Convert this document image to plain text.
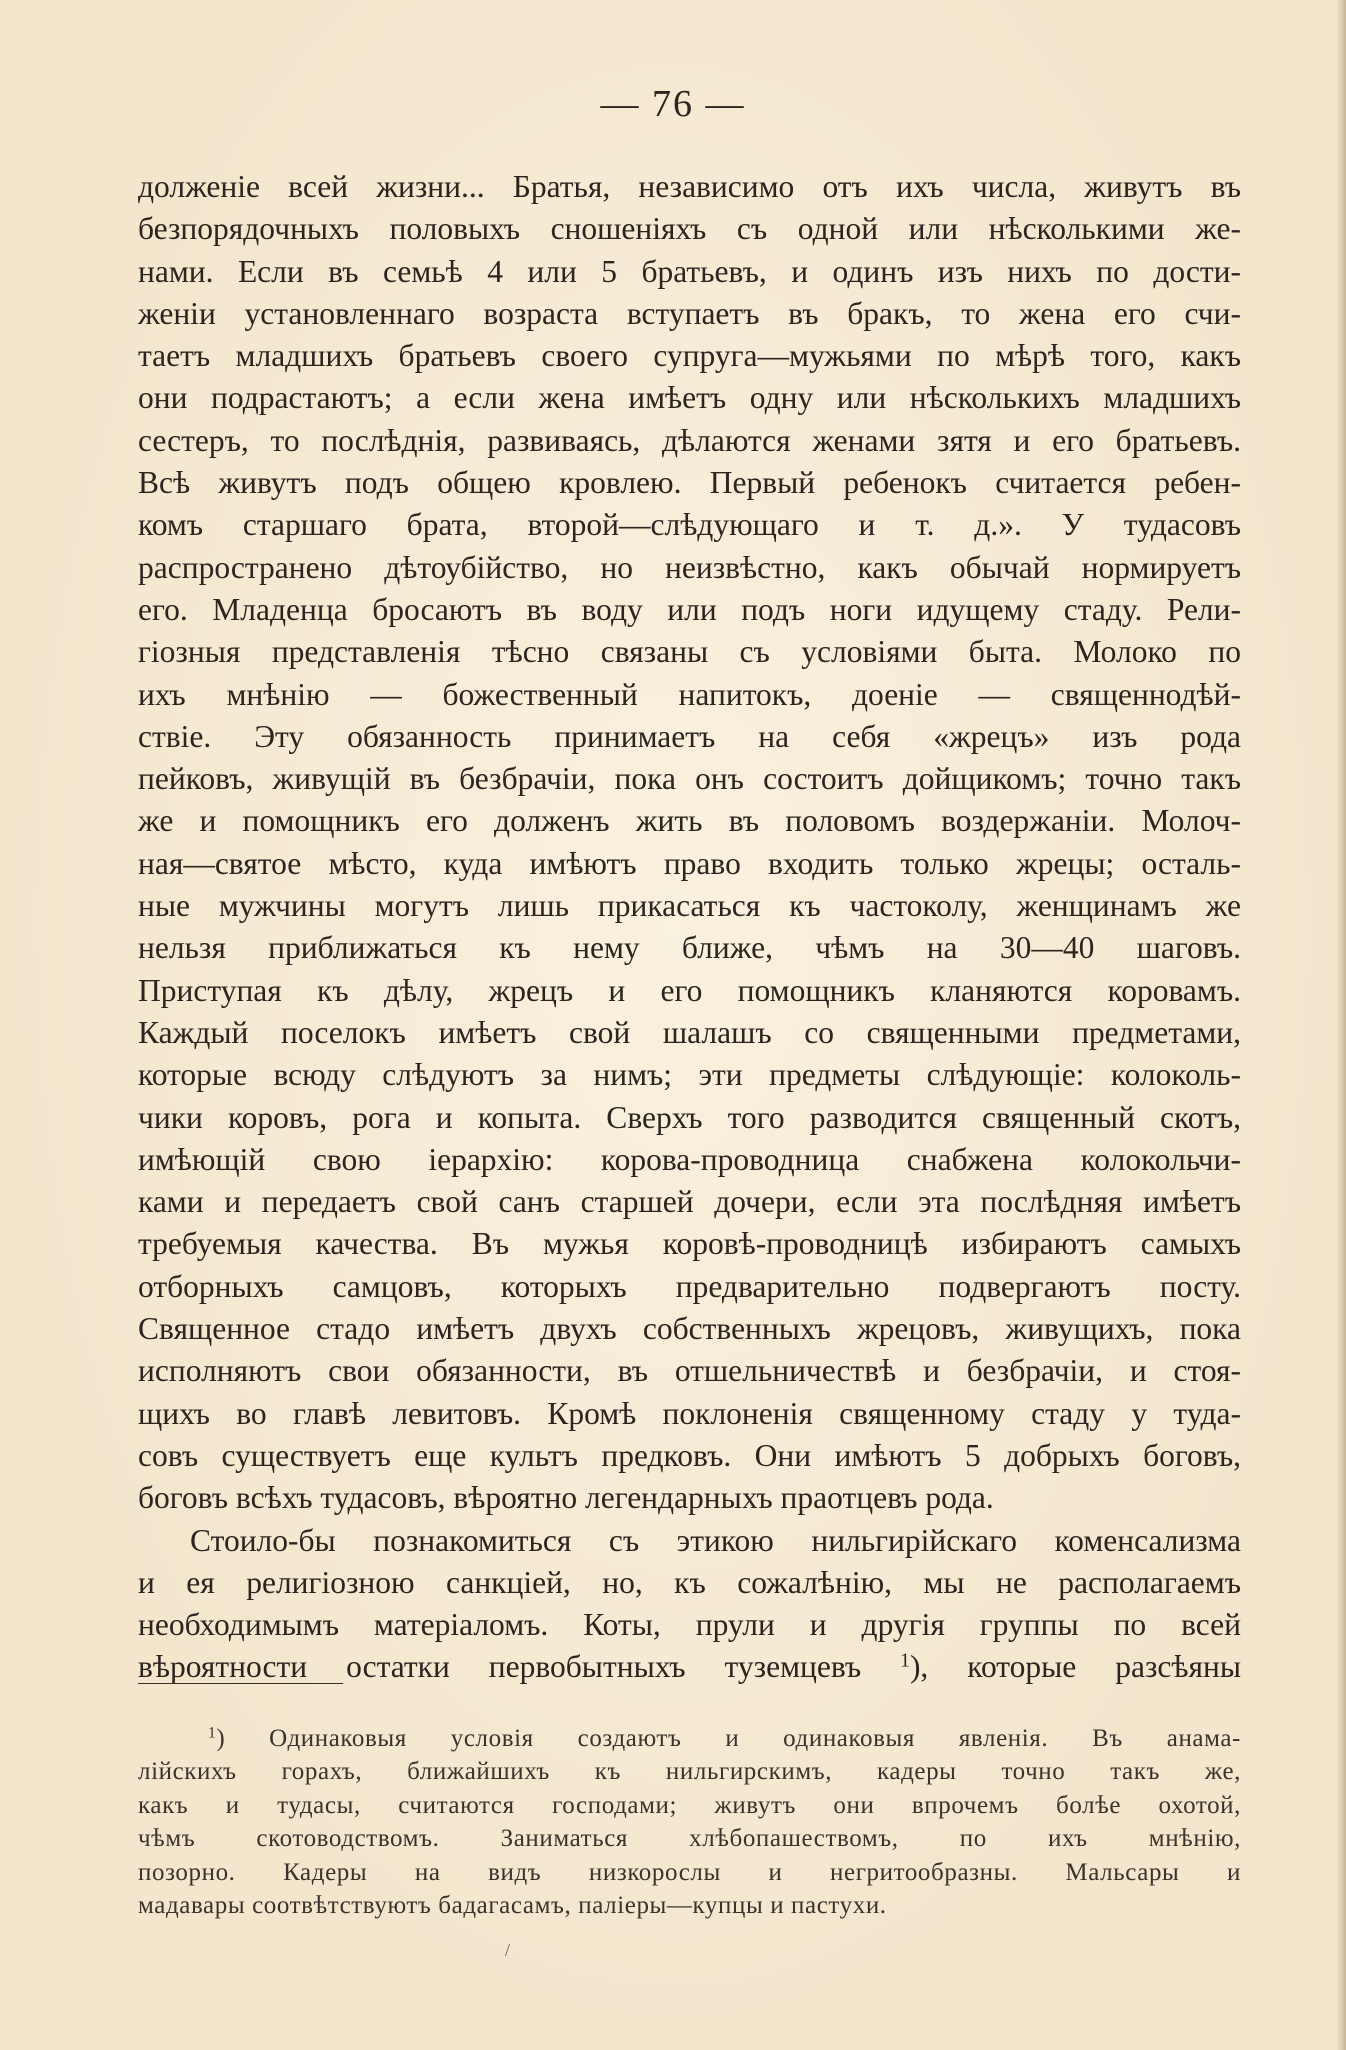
— 76 —
долженіе всей жизни... Братья, независимо отъ ихъ числа, живутъ въ
безпорядочныхъ половыхъ сношеніяхъ съ одной или нѣсколькими же-
нами. Если въ семьѣ 4 или 5 братьевъ, и одинъ изъ нихъ по дости-
женіи установленнаго возраста вступаетъ въ бракъ, то жена его счи-
таетъ младшихъ братьевъ своего супруга—мужьями по мѣрѣ того, какъ
они подрастаютъ; а если жена имѣетъ одну или нѣсколькихъ младшихъ
сестеръ, то послѣднія, развиваясь, дѣлаются женами зятя и его братьевъ.
Всѣ живутъ подъ общею кровлею. Первый ребенокъ считается ребен-
комъ старшаго брата, второй—слѣдующаго и т. д.». У тудасовъ
распространено дѣтоубійство, но неизвѣстно, какъ обычай нормируетъ
его. Младенца бросаютъ въ воду или подъ ноги идущему стаду. Рели-
гіозныя представленія тѣсно связаны съ условіями быта. Молоко по
ихъ мнѣнію — божественный напитокъ, доеніе — священнодѣй-
ствіе. Эту обязанность принимаетъ на себя «жрецъ» изъ рода
пейковъ, живущій въ безбрачіи, пока онъ состоитъ дойщикомъ; точно такъ
же и помощникъ его долженъ жить въ половомъ воздержаніи. Молоч-
ная—святое мѣсто, куда имѣютъ право входить только жрецы; осталь-
ные мужчины могутъ лишь прикасаться къ частоколу, женщинамъ же
нельзя приближаться къ нему ближе, чѣмъ на 30—40 шаговъ.
Приступая къ дѣлу, жрецъ и его помощникъ кланяются коровамъ.
Каждый поселокъ имѣетъ свой шалашъ со священными предметами,
которые всюду слѣдуютъ за нимъ; эти предметы слѣдующіе: колоколь-
чики коровъ, рога и копыта. Сверхъ того разводится священный скотъ,
имѣющій свою іерархію: корова-проводница снабжена колокольчи-
ками и передаетъ свой санъ старшей дочери, если эта послѣдняя имѣетъ
требуемыя качества. Въ мужья коровѣ-проводницѣ избираютъ самыхъ
отборныхъ самцовъ, которыхъ предварительно подвергаютъ посту.
Священное стадо имѣетъ двухъ собственныхъ жрецовъ, живущихъ, пока
исполняютъ свои обязанности, въ отшельничествѣ и безбрачіи, и стоя-
щихъ во главѣ левитовъ. Кромѣ поклоненія священному стаду у туда-
совъ существуетъ еще культъ предковъ. Они имѣютъ 5 добрыхъ боговъ,
боговъ всѣхъ тудасовъ, вѣроятно легендарныхъ праотцевъ рода.
Стоило-бы познакомиться съ этикою нильгирійскаго коменсализма
и ея религіозною санкціей, но, къ сожалѣнію, мы не располагаемъ
необходимымъ матеріаломъ. Коты, прули и другія группы по всей
вѣроятности остатки первобытныхъ туземцевъ $^1$), которые разсѣяны
$^1$) Одинаковыя условія создаютъ и одинаковыя явленія. Въ анама-
лійскихъ горахъ, ближайшихъ къ нильгирскимъ, кадеры точно такъ же,
какъ и тудасы, считаются господами; живутъ они впрочемъ болѣе охотой,
чѣмъ скотоводствомъ. Заниматься хлѣбопашествомъ, по ихъ мнѣнію,
позорно. Кадеры на видъ низкорослы и негритообразны. Мальсары и
мадавары соотвѣтствуютъ бадагасамъ, паліеры—купцы и пастухи.
/
